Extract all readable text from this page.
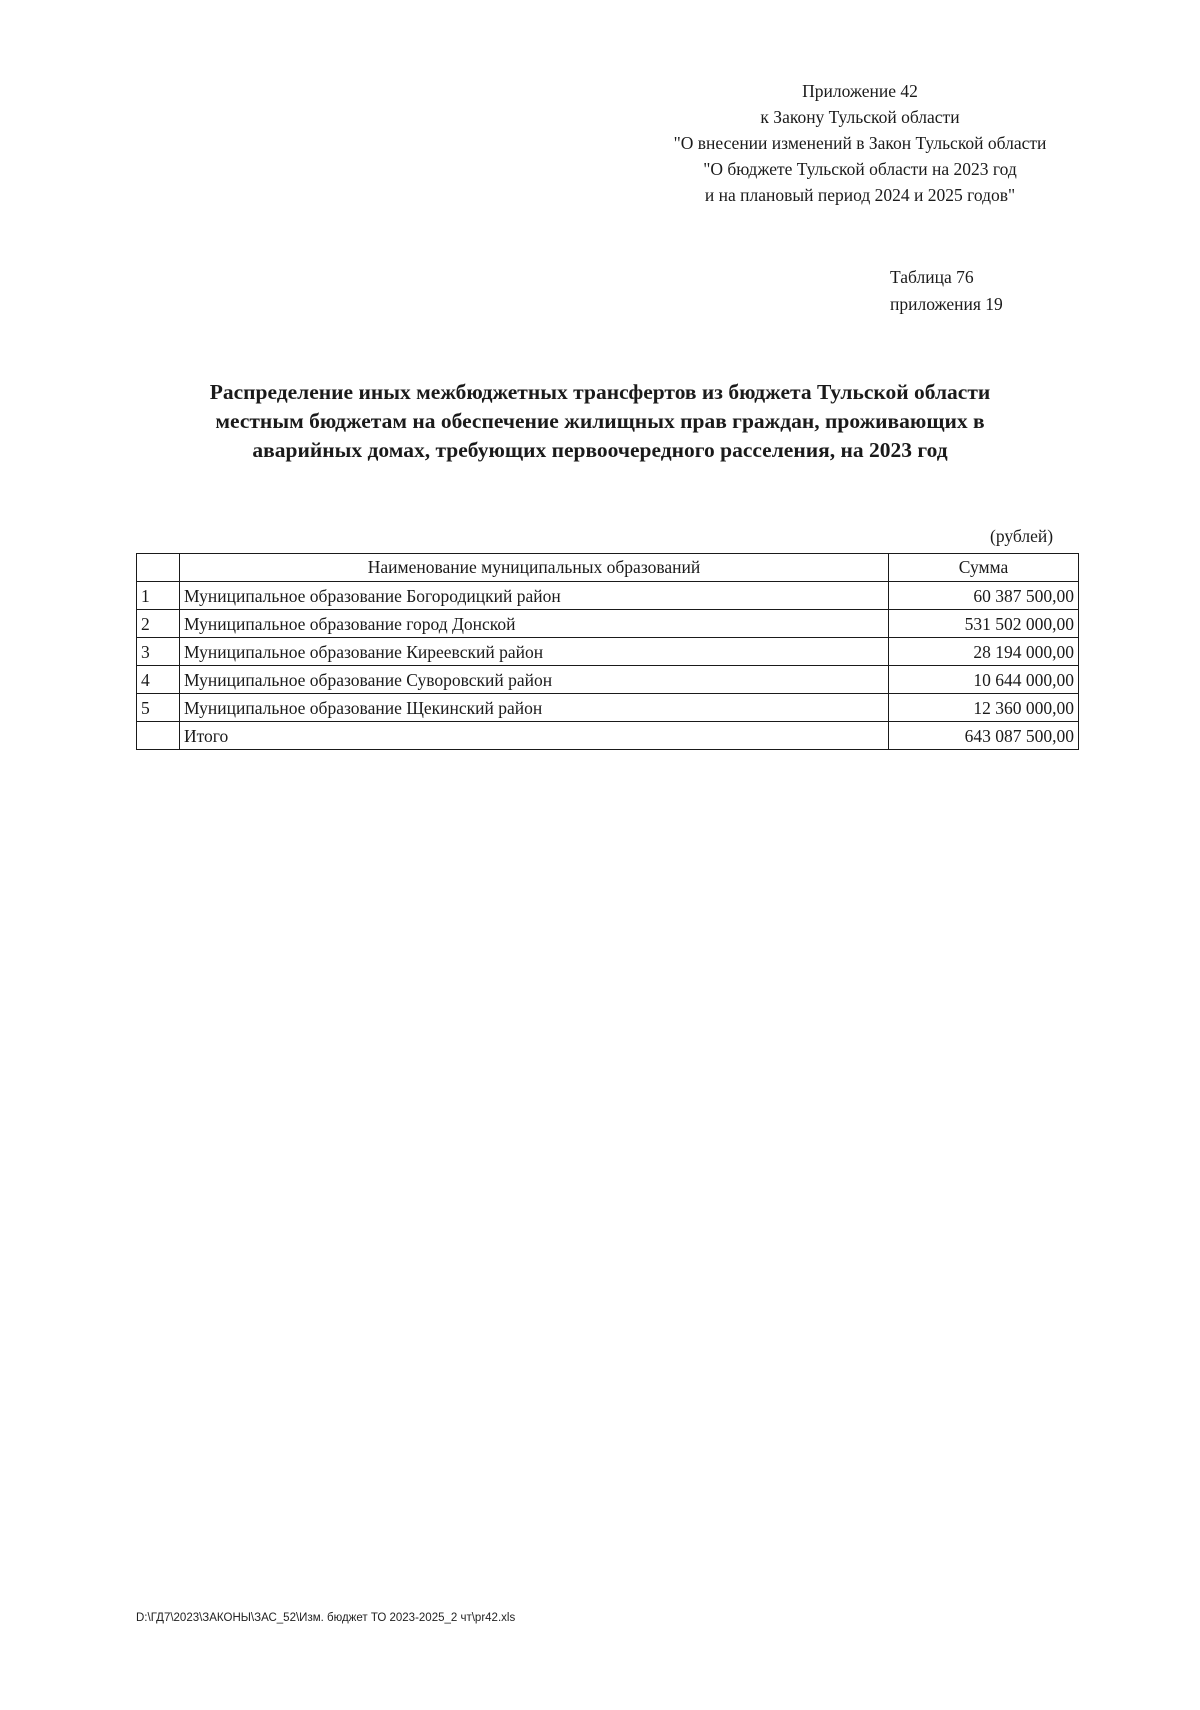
Приложение 42
к Закону Тульской области
"О внесении изменений в Закон Тульской области
"О бюджете Тульской области на 2023 год
и на плановый период 2024 и 2025 годов"
Таблица 76
приложения 19
Распределение иных межбюджетных трансфертов из бюджета Тульской области
местным бюджетам на обеспечение жилищных прав граждан, проживающих в
аварийных домах, требующих первоочередного расселения, на 2023 год
(рублей)
	Наименование муниципальных образований	Сумма
1	Муниципальное образование Богородицкий район	60 387 500,00
2	Муниципальное образование город Донской	531 502 000,00
3	Муниципальное образование Киреевский район	28 194 000,00
4	Муниципальное образование Суворовский район	10 644 000,00
5	Муниципальное образование Щекинский район	12 360 000,00
	Итого	643 087 500,00
D:\ГД7\2023\ЗАКОНЫ\ЗАС_52\Изм. бюджет ТО 2023-2025_2 чт\pr42.xls
